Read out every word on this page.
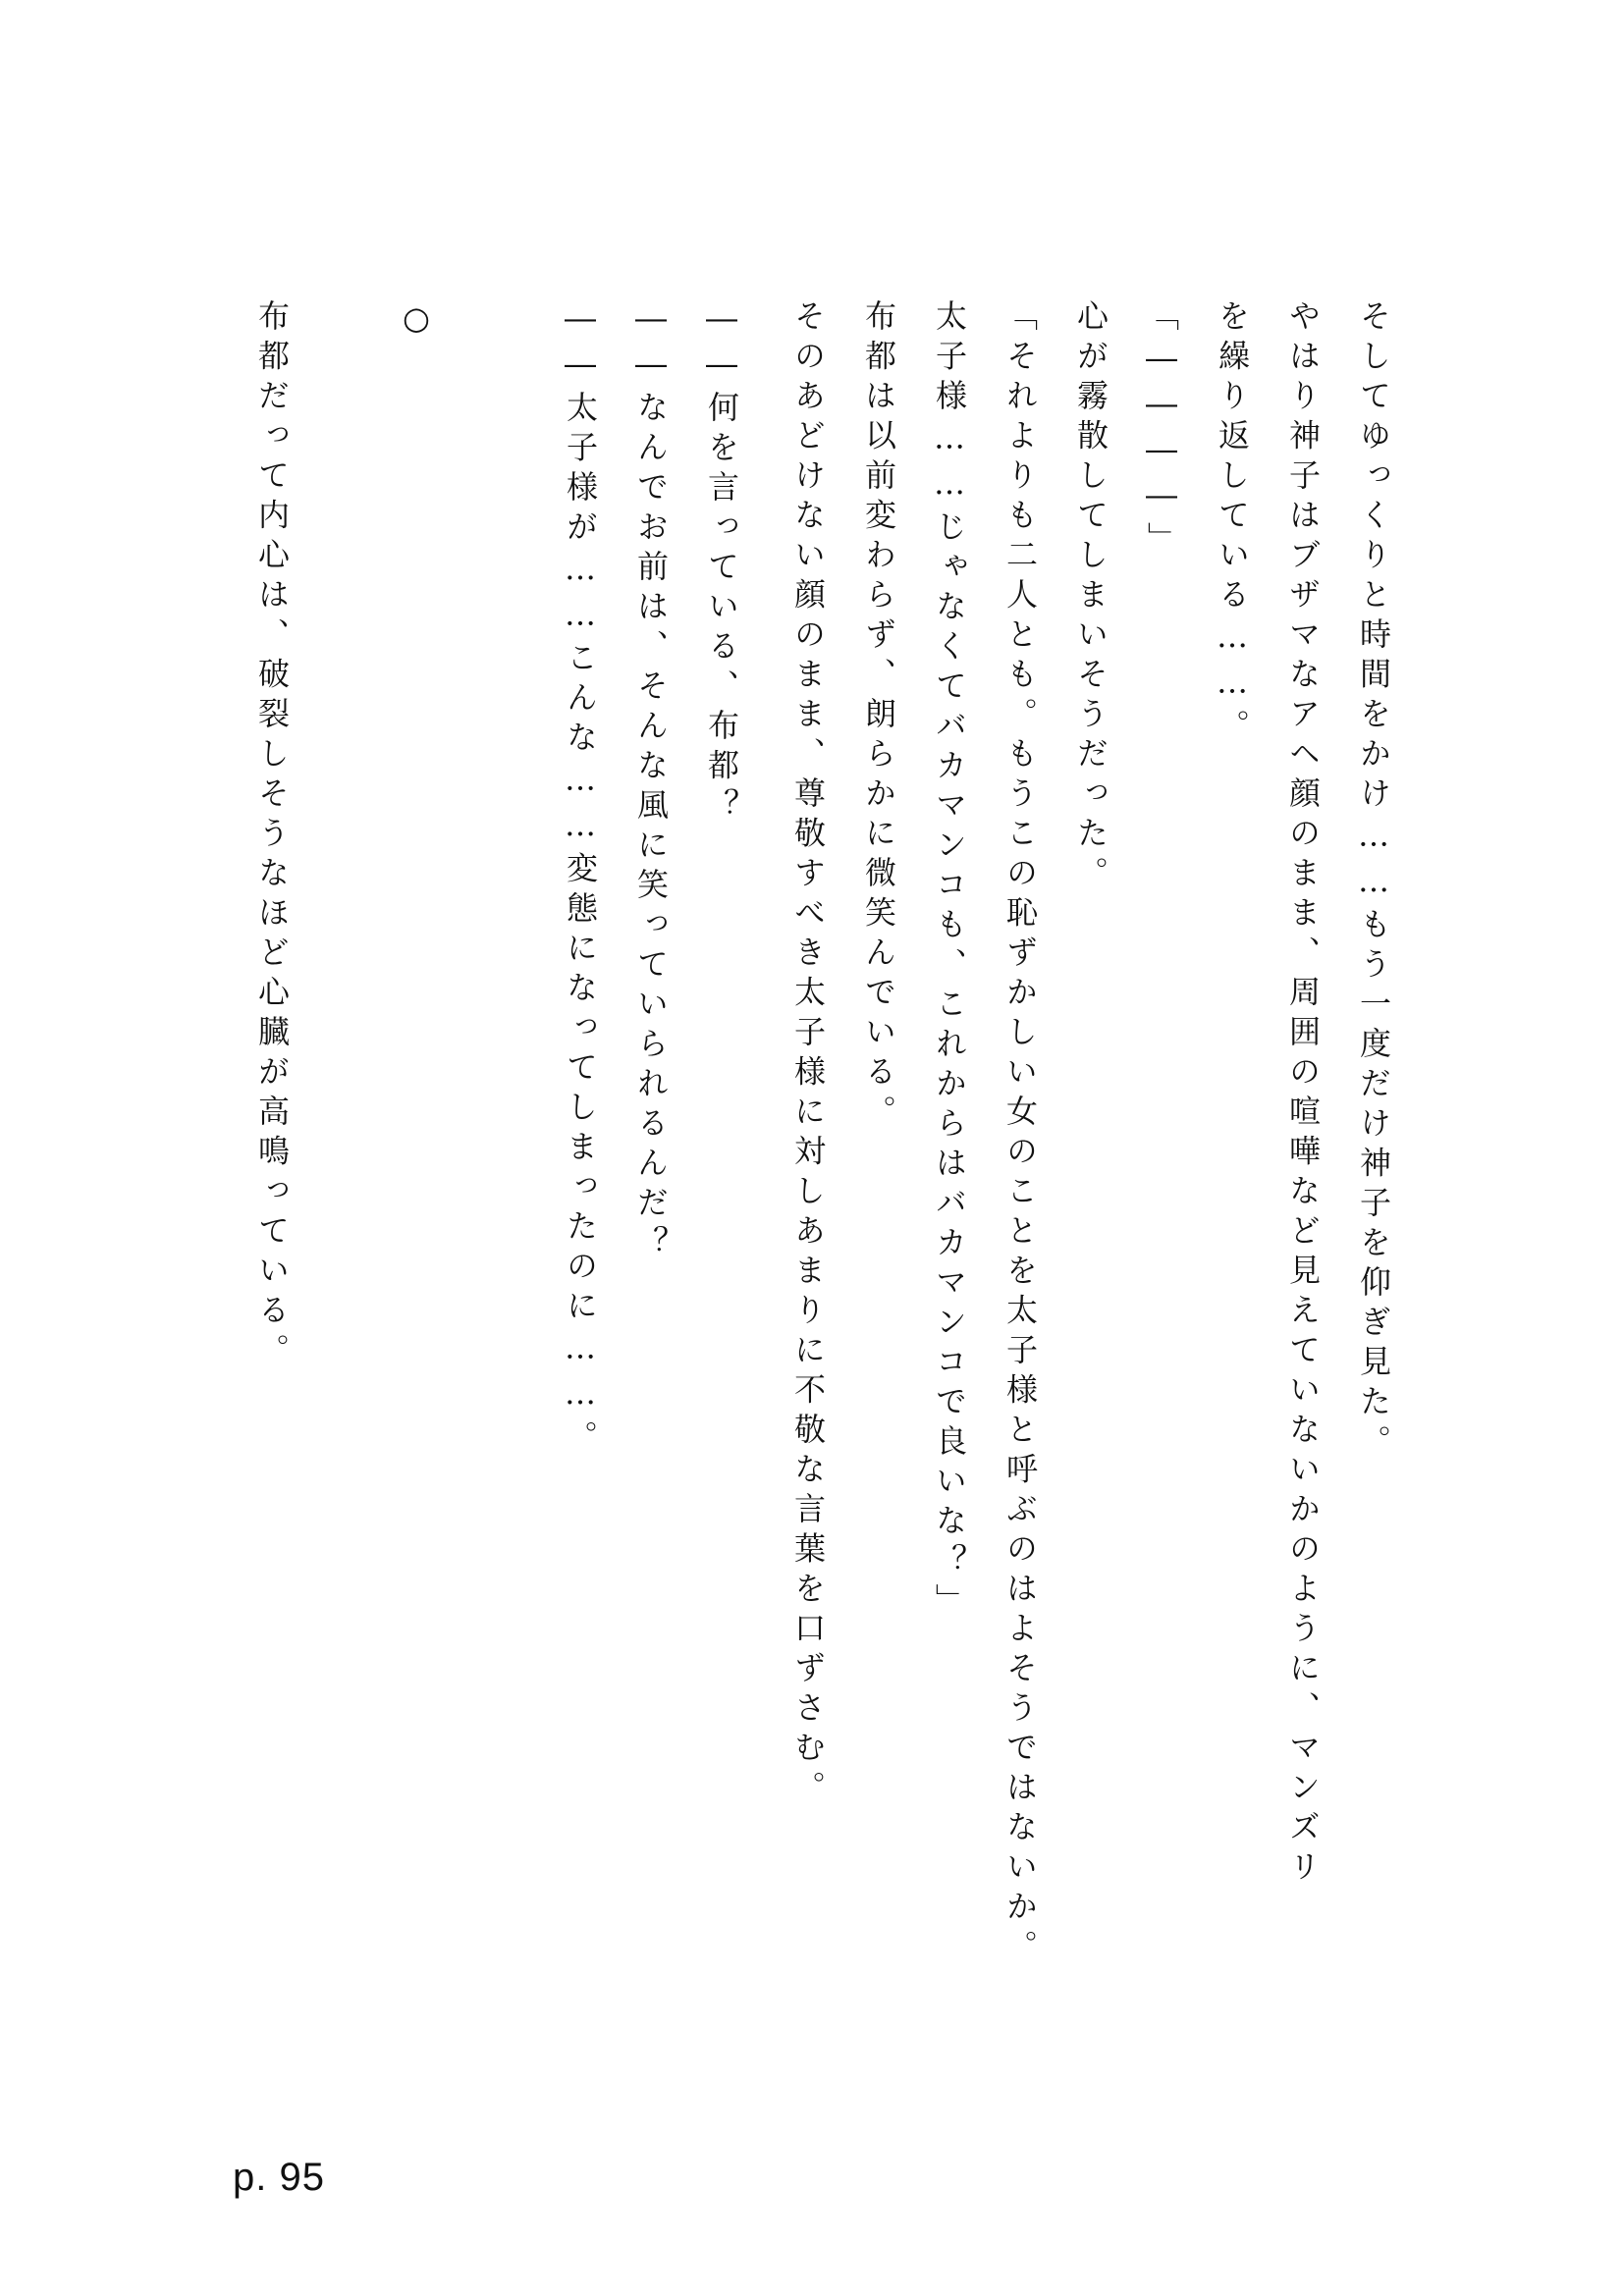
そしてゆっくりと時間をかけ……もう一度だけ神子を仰ぎ見た。
やはり神子はブザマなアヘ顔のまま、周囲の喧嘩など見えていないかのように、マンズリ
を繰り返している……。
「――――」
心が霧散してしまいそうだった。
「それよりも二人とも。もうこの恥ずかしい女のことを太子様と呼ぶのはよそうではないか。
太子様……じゃなくてバカマンコも、これからはバカマンコで良いな？」
布都は以前変わらず、朗らかに微笑んでいる。
そのあどけない顔のまま、尊敬すべき太子様に対しあまりに不敬な言葉を口ずさむ。
――何を言っている、布都？
――なんでお前は、そんな風に笑っていられるんだ？
――太子様が……こんな……変態になってしまったのに……。
○
布都だって内心は、破裂しそうなほど心臓が高鳴っている。
p. 95
